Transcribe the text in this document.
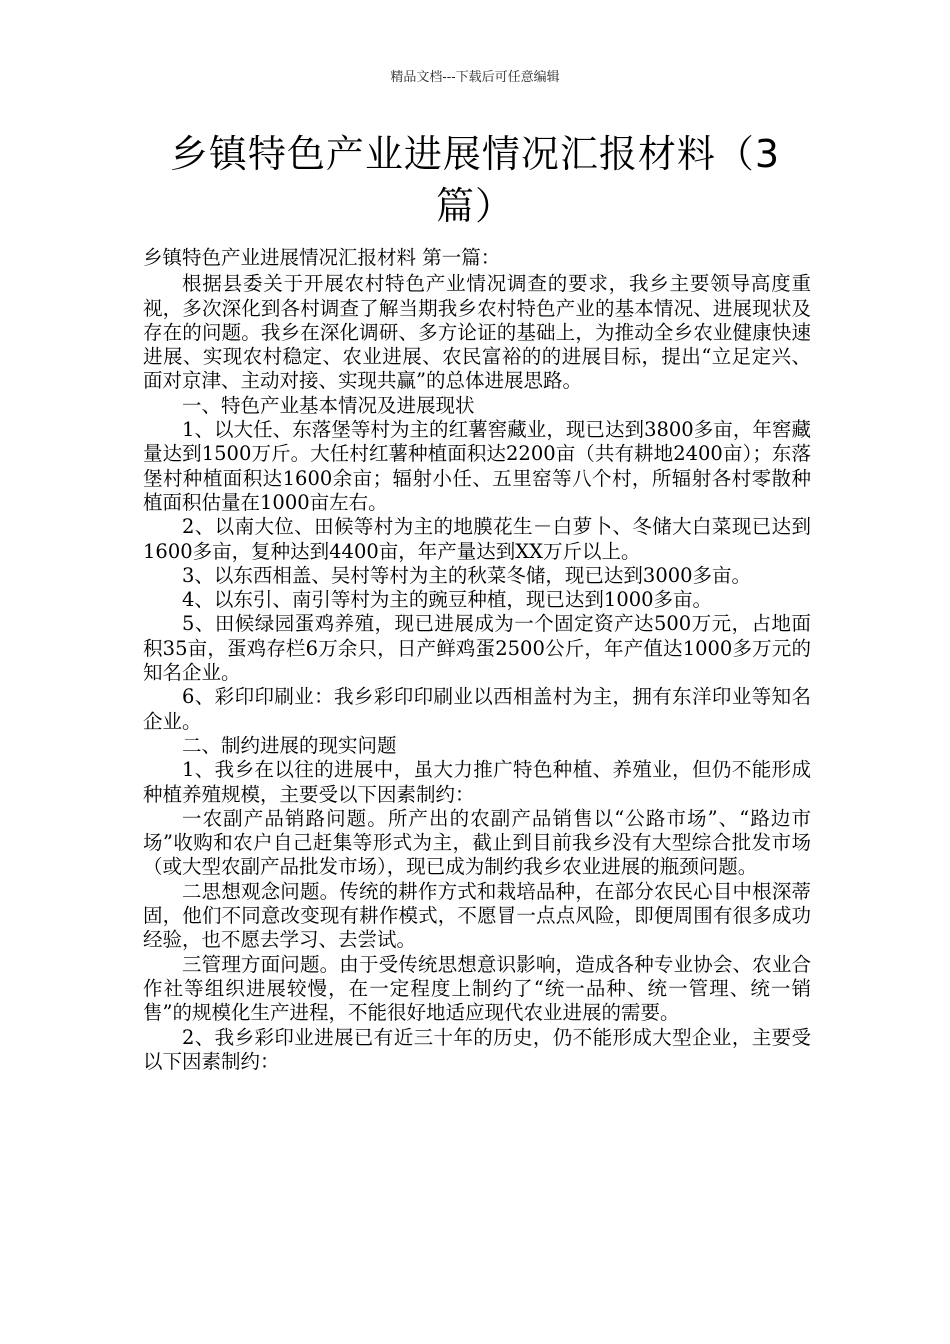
精品文档---下载后可任意编辑
乡镇特色产业进展情况汇报材料（3篇）

乡镇特色产业进展情况汇报材料 第一篇：

根据县委关于开展农村特色产业情况调查的要求，我乡主要领导高度重视，多次深化到各村调查了解当期我乡农村特色产业的基本情况、进展现状及存在的问题。我乡在深化调研、多方论证的基础上，为推动全乡农业健康快速进展、实现农村稳定、农业进展、农民富裕的的进展目标，提出“立足定兴、面对京津、主动对接、实现共赢”的总体进展思路。

一、特色产业基本情况及进展现状

1、以大任、东落堡等村为主的红薯窖藏业，现已达到3800多亩，年窖藏量达到1500万斤。大任村红薯种植面积达2200亩（共有耕地2400亩）；东落堡村种植面积达1600余亩；辐射小任、五里窑等八个村，所辐射各村零散种植面积估量在1000亩左右。

2、以南大位、田候等村为主的地膜花生－白萝卜、冬储大白菜现已达到1600多亩，复种达到4400亩，年产量达到XX万斤以上。

3、以东西相盖、吴村等村为主的秋菜冬储，现已达到3000多亩。

4、以东引、南引等村为主的豌豆种植，现已达到1000多亩。

5、田候绿园蛋鸡养殖，现已进展成为一个固定资产达500万元，占地面积35亩，蛋鸡存栏6万余只，日产鲜鸡蛋2500公斤，年产值达1000多万元的知名企业。

6、彩印印刷业：我乡彩印印刷业以西相盖村为主，拥有东洋印业等知名企业。

二、制约进展的现实问题

1、我乡在以往的进展中，虽大力推广特色种植、养殖业，但仍不能形成种植养殖规模，主要受以下因素制约：

一农副产品销路问题。所产出的农副产品销售以“公路市场”、“路边市场”收购和农户自己赶集等形式为主，截止到目前我乡没有大型综合批发市场（或大型农副产品批发市场），现已成为制约我乡农业进展的瓶颈问题。

二思想观念问题。传统的耕作方式和栽培品种，在部分农民心目中根深蒂固，他们不同意改变现有耕作模式，不愿冒一点点风险，即便周围有很多成功经验，也不愿去学习、去尝试。

三管理方面问题。由于受传统思想意识影响，造成各种专业协会、农业合作社等组织进展较慢，在一定程度上制约了“统一品种、统一管理、统一销售”的规模化生产进程，不能很好地适应现代农业进展的需要。

2、我乡彩印业进展已有近三十年的历史，仍不能形成大型企业，主要受以下因素制约：
